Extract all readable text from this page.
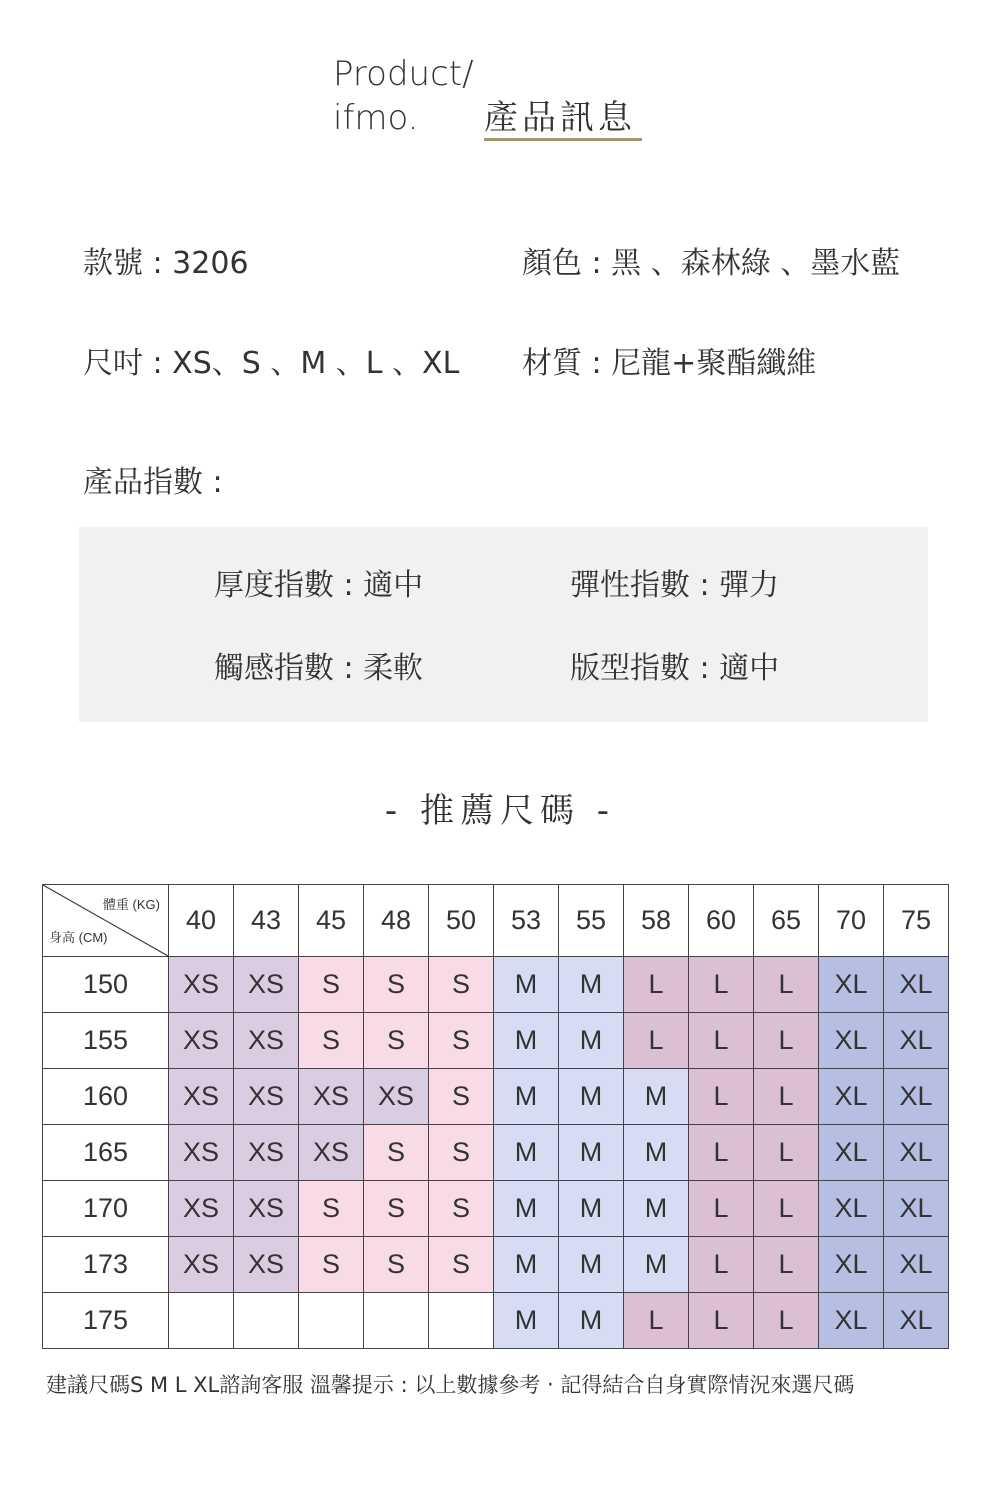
Product/
ifmo.	產品訊息
款號 : 3206	顏色 : 黑 、森林綠 、墨水藍
尺吋 : XS、S 、M 、L 、XL 材質 : 尼龍+聚酯纖維
產品指數 :
厚度指數 : 適中	彈性指數 : 彈力
觸感指數 : 柔軟	版型指數 : 適中
- 推薦尺碼 -
體重 (KG)
身高 (CM)	40	43	45	48	50	53	55	58	60	65	70	75
150	XS	XS	S	S	S	M	M	L	L	L	XL	XL
155	XS	XS	S	S	S	M	M	L	L	L	XL	XL
160	XS	XS	XS	XS	S	M	M	M	L	L	XL	XL
165	XS	XS	XS	S	S	M	M	M	L	L	XL	XL
170	XS	XS	S	S	S	M	M	M	L	L	XL	XL
173	XS	XS	S	S	S	M	M	M	L	L	XL	XL
175						M	M	L	L	L	XL	XL
建議尺碼S M L XL諮詢客服 溫馨提示 : 以上數據參考 ‧ 記得結合自身實際情況來選尺碼
